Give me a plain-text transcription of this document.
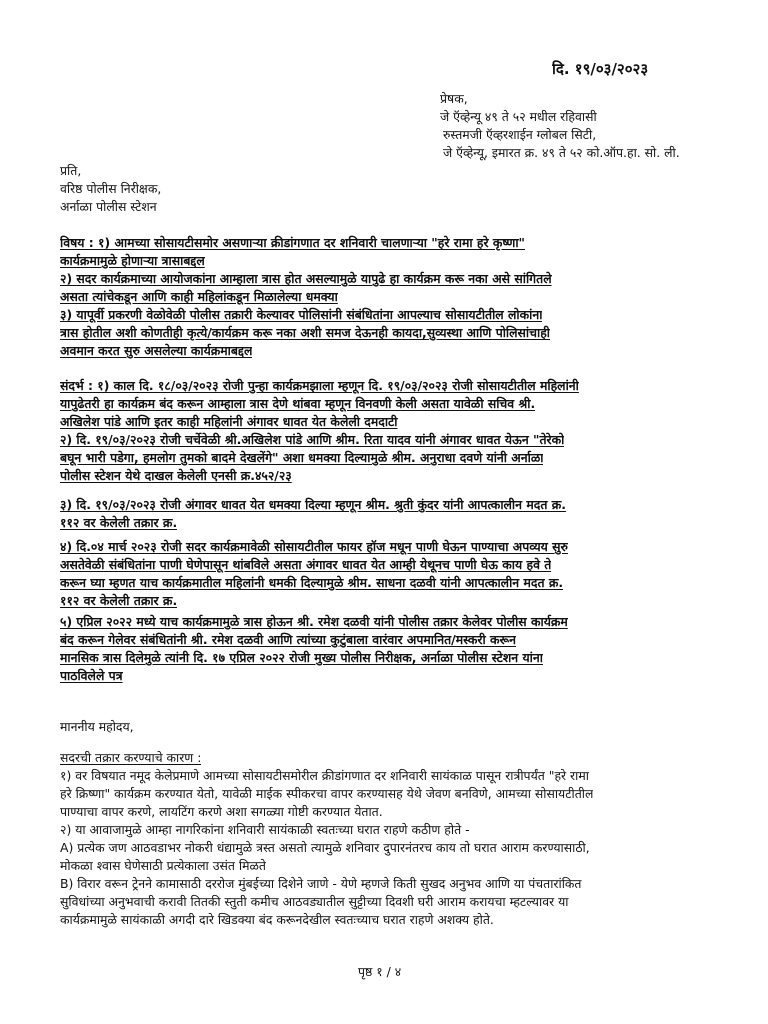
दि. १९/०३/२०२३
प्रेषक,
जे ऍव्हेन्यू ४९ ते ५२ मधील रहिवासी
रुस्तमजी ऍव्हरशाईन ग्लोबल सिटी,
जे ऍव्हेन्यू, इमारत क्र. ४९ ते ५२ को.ऑप.हा. सो. ली.
प्रति,
वरिष्ठ पोलीस निरीक्षक,
अर्नाळा पोलीस स्टेशन
विषय : १) आमच्या सोसायटीसमोर असणाऱ्या क्रीडांगणात दर शनिवारी चालणाऱ्या "हरे रामा हरे कृष्णा"
कार्यक्रमामुळे होणाऱ्या त्रासाबद्दल
२) सदर कार्यक्रमाच्या आयोजकांना आम्हाला त्रास होत असल्यामुळे यापुढे हा कार्यक्रम करू नका असे सांगितले
असता त्यांचेकडून आणि काही महिलांकडून मिळालेल्या धमक्या
३) यापूर्वी प्रकरणी वेळोवेळी पोलीस तक्रारी केल्यावर पोलिसांनी संबंधितांना आपल्याच सोसायटीतील लोकांना
त्रास होतील अशी कोणतीही कृत्ये/कार्यक्रम करू नका अशी समज देऊनही कायदा,सुव्यस्था आणि पोलिसांचाही
अवमान करत सुरु असलेल्या कार्यक्रमाबद्दल
संदर्भ : १) काल दि. १८/०३/२०२३ रोजी पुन्हा कार्यक्रमझाला म्हणून दि. १९/०३/२०२३ रोजी सोसायटीतील महिलांनी
यापुढेतरी हा कार्यक्रम बंद करून आम्हाला त्रास देणे थांबवा म्हणून विनवणी केली असता यावेळी सचिव श्री.
अखिलेश पांडे आणि इतर काही महिलांनी अंगावर धावत येत केलेली दमदाटी
२) दि. १९/०३/२०२३ रोजी चर्चेवेळी श्री.अखिलेश पांडे आणि श्रीम. रिता यादव यांनी अंगावर धावत येऊन "तेरेको
बघून भारी पडेगा, हमलोग तुमको बादमे देखलेंगे" अशा धमक्या दिल्यामुळे श्रीम. अनुराधा दवणे यांनी अर्नाळा
पोलीस स्टेशन येथे दाखल केलेली एनसी क्र.४५२/२३
३) दि. १९/०३/२०२३ रोजी अंगावर धावत येत धमक्या दिल्या म्हणून श्रीम. श्रुती कुंदर यांनी आपत्कालीन मदत क्र.
११२ वर केलेली तक्रार क्र.
४) दि.०४ मार्च २०२३ रोजी सदर कार्यक्रमावेळी सोसायटीतील फायर हॉज मधून पाणी घेऊन पाण्याचा अपव्यय सुरु
असतेवेळी संबंधितांना पाणी घेणेपासून थांबविले असता अंगावर धावत येत आम्ही येथूनच पाणी घेऊ काय हवे ते
करून घ्या म्हणत याच कार्यक्रमातील महिलांनी धमकी दिल्यामुळे श्रीम. साधना दळवी यांनी आपत्कालीन मदत क्र.
११२ वर केलेली तक्रार क्र.
५) एप्रिल २०२२ मध्ये याच कार्यक्रमामुळे त्रास होऊन श्री. रमेश दळवी यांनी पोलीस तक्रार केलेवर पोलीस कार्यक्रम
बंद करून गेलेवर संबंधितांनी श्री. रमेश दळवी आणि त्यांच्या कुटुंबाला वारंवार अपमानित/मस्करी करून
मानसिक त्रास दिलेमुळे त्यांनी दि. १७ एप्रिल २०२२ रोजी मुख्य पोलीस निरीक्षक, अर्नाळा पोलीस स्टेशन यांना
पाठविलेले पत्र
माननीय महोदय,
सदरची तक्रार करण्याचे कारण :
१) वर विषयात नमूद केलेप्रमाणे आमच्या सोसायटीसमोरील क्रीडांगणात दर शनिवारी सायंकाळ पासून रात्रीपर्यंत "हरे रामा
हरे क्रिष्णा" कार्यक्रम करण्यात येतो, यावेळी माईक स्पीकरचा वापर करण्यासह येथे जेवण बनविणे, आमच्या सोसायटीतील
पाण्याचा वापर करणे, लायटिंग करणे अशा सगळ्या गोष्टी करण्यात येतात.
२) या आवाजामुळे आम्हा नागरिकांना शनिवारी सायंकाळी स्वतःच्या घरात राहणे कठीण होते -
A) प्रत्येक जण आठवडाभर नोकरी धंद्यामुळे त्रस्त असतो त्यामुळे शनिवार दुपारनंतरच काय तो घरात आराम करण्यासाठी,
मोकळा श्वास घेणेसाठी प्रत्येकाला उसंत मिळते
B) विरार वरून ट्रेनने कामासाठी दररोज मुंबईच्या दिशेने जाणे - येणे म्हणजे किती सुखद अनुभव आणि या पंचतारांकित
सुविधांच्या अनुभवाची करावी तितकी स्तुती कमीच आठवड्यातील सुट्टीच्या दिवशी घरी आराम करायचा म्हटल्यावर या
कार्यक्रमामुळे सायंकाळी अगदी दारे खिडक्या बंद करूनदेखील स्वतःच्याच घरात राहणे अशक्य होते.
पृष्ठ १ / ४
